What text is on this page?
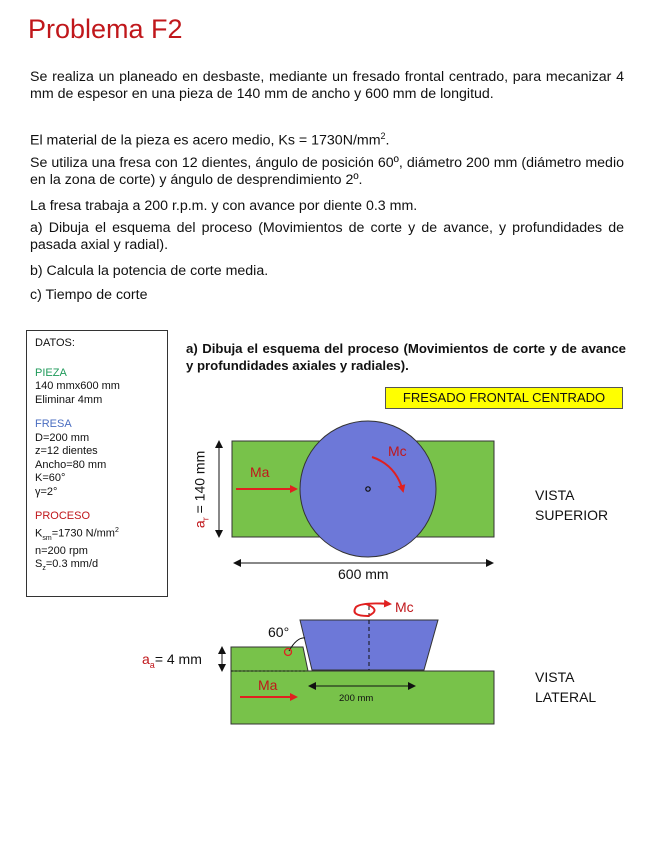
Problema F2

Se realiza un planeado en desbaste, mediante un fresado frontal centrado, para mecanizar 4 mm de espesor en una pieza de 140 mm de ancho y 600 mm de longitud.

El material de la pieza es acero medio, $Ks = 1730N/mm^2$.

Se utiliza una fresa con 12 dientes, ángulo de posición 60º, diámetro 200 mm (diámetro medio en la zona de corte) y ángulo de desprendimiento 2º.

La fresa trabaja a 200 r.p.m. y con avance por diente 0.3 mm.

a) Dibuja el esquema del proceso (Movimientos de corte y de avance, y profundidades de pasada axial y radial).

b) Calcula la potencia de corte media.

c) Tiempo de corte

DATOS:
PIEZA
140 mmx600 mm
Eliminar 4mm
FRESA
D=200 mm
z=12 dientes
Ancho=80 mm
K=60°
γ=2°
PROCESO
$K_{sm}=1730$ $N/mm^2$
n=200 rpm
$S_z=0.3$ mm/d

a) Dibuja el esquema del proceso (Movimientos de corte y de avance y profundidades axiales y radiales).

FRESADO FRONTAL CENTRADO
Ma
Mc
$a_r = 140$ mm
600 mm
VISTA
SUPERIOR
Mc
60°
$a_a= 4$ mm
Ma
200 mm
VISTA
LATERAL
